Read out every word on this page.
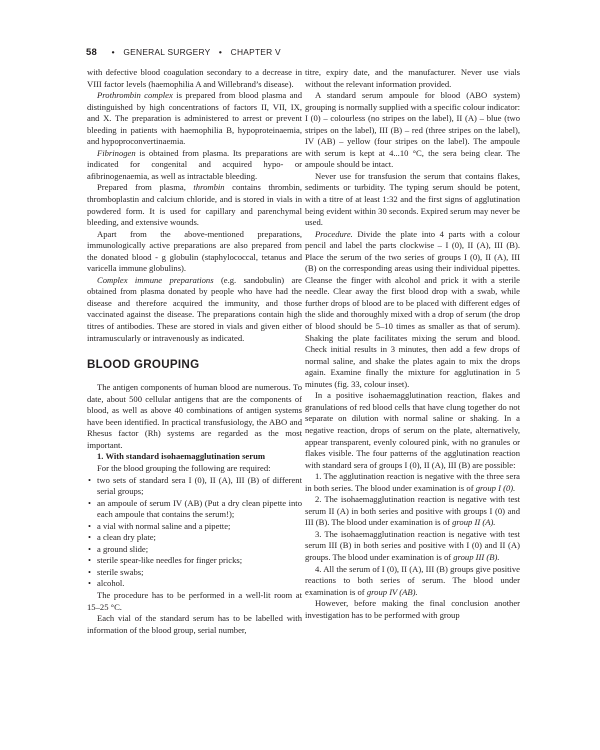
58 • GENERAL SURGERY • CHAPTER V

with defective blood coagulation secondary to a decrease in VIII factor levels (haemophilia A and Willebrand’s disease).

Prothrombin complex is prepared from blood plasma and distinguished by high concentrations of factors II, VII, IX, and X. The preparation is administered to arrest or prevent bleeding in patients with haemophilia B, hypoproteinaemia, and hypoproconvertinaemia.

Fibrinogen is obtained from plasma. Its preparations are indicated for congenital and acquired hypo- or afibrinogenaemia, as well as intractable bleeding.

Prepared from plasma, thrombin contains thrombin, thromboplastin and calcium chloride, and is stored in vials in powdered form. It is used for capillary and parenchymal bleeding, and extensive wounds.

Apart from the above-mentioned preparations, immunologically active preparations are also prepared from the donated blood - g globulin (staphylococcal, tetanus and varicella immune globulins).

Complex immune preparations (e.g. sandobulin) are obtained from plasma donated by people who have had the disease and therefore acquired the immunity, and those vaccinated against the disease. The preparations contain high titres of antibodies. These are stored in vials and given either intramuscularly or intravenously as indicated.

BLOOD GROUPING

The antigen components of human blood are numerous. To date, about 500 cellular antigens that are the components of blood, as well as above 40 combinations of antigen systems have been identified. In practical transfusiology, the ABO and Rhesus factor (Rh) systems are regarded as the most important.

1. With standard isohaemagglutination serum

For the blood grouping the following are required:

• two sets of standard sera I (0), II (A), III (B) of different serial groups;
• an ampoule of serum IV (AB) (Put a dry clean pipette into each ampoule that contains the serum!);
• a vial with normal saline and a pipette;
• a clean dry plate;
• a ground slide;
• sterile spear-like needles for finger pricks;
• sterile swabs;
• alcohol.

The procedure has to be performed in a well-lit room at 15–25 °C.

Each vial of the standard serum has to be labelled with information of the blood group, serial number,

titre, expiry date, and the manufacturer. Never use vials without the relevant information provided.

A standard serum ampoule for blood (ABO system) grouping is normally supplied with a specific colour indicator: I (0) – colourless (no stripes on the label), II (A) – blue (two stripes on the label), III (B) – red (three stripes on the label), IV (AB) – yellow (four stripes on the label). The ampoule with serum is kept at 4...10 °C, the sera being clear. The ampoule should be intact.

Never use for transfusion the serum that contains flakes, sediments or turbidity. The typing serum should be potent, with a titre of at least 1:32 and the first signs of agglutination being evident within 30 seconds. Expired serum may never be used.

Procedure. Divide the plate into 4 parts with a colour pencil and label the parts clockwise – I (0), II (A), III (B). Place the serum of the two series of groups I (0), II (A), III (B) on the corresponding areas using their individual pipettes. Cleanse the finger with alcohol and prick it with a sterile needle. Clear away the first blood drop with a swab, while further drops of blood are to be placed with different edges of the slide and thoroughly mixed with a drop of serum (the drop of blood should be 5–10 times as smaller as that of serum). Shaking the plate facilitates mixing the serum and blood. Check initial results in 3 minutes, then add a few drops of normal saline, and shake the plates again to mix the drops again. Examine finally the mixture for agglutination in 5 minutes (fig. 33, colour inset).

In a positive isohaemagglutination reaction, flakes and granulations of red blood cells that have clung together do not separate on dilution with normal saline or shaking. In a negative reaction, drops of serum on the plate, alternatively, appear transparent, evenly coloured pink, with no granules or flakes visible. The four patterns of the agglutination reaction with standard sera of groups I (0), II (A), III (B) are possible:

1. The agglutination reaction is negative with the three sera in both series. The blood under examination is of group I (0).

2. The isohaemagglutination reaction is negative with test serum II (A) in both series and positive with groups I (0) and III (B). The blood under examination is of group II (A).

3. The isohaemagglutination reaction is negative with test serum III (B) in both series and positive with I (0) and II (A) groups. The blood under examination is of group III (B).

4. All the serum of I (0), II (A), III (B) groups give positive reactions to both series of serum. The blood under examination is of group IV (AB).

However, before making the final conclusion another investigation has to be performed with group
